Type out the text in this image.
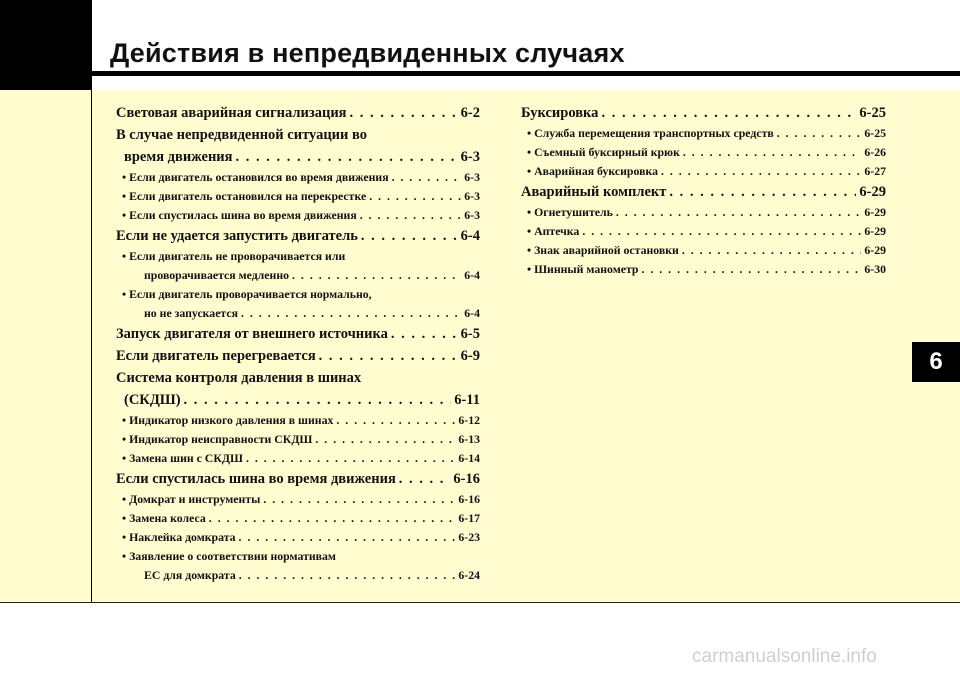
Действия в непредвиденных случаях
Световая аварийная сигнализация . . .	6-2
В случае непредвиденной ситуации во
время движения . . .	6-3
• Если двигатель остановился во время движения . . .	6-3
• Если двигатель остановился на перекрестке . . .	6-3
• Если спустилась шина во время движения . . .	6-3
Если не удается запустить двигатель . . .	6-4
• Если двигатель не проворачивается или
проворачивается медленно . . .	6-4
• Если двигатель проворачивается нормально,
но не запускается . . .	6-4
Запуск двигателя от внешнего источника . . .	6-5
Если двигатель перегревается . . .	6-9
Система контроля давления в шинах
(СКДШ) . . .	6-11
• Индикатор низкого давления в шинах . . .	6-12
• Индикатор неисправности СКДШ . . .	6-13
• Замена шин с СКДШ . . .	6-14
Если спустилась шина во время движения . . .	6-16
• Домкрат и инструменты . . .	6-16
• Замена колеса . . .	6-17
• Наклейка домкрата . . .	6-23
• Заявление о соответствии нормативам
ЕС для домкрата . . .	6-24
Буксировка . . .	6-25
• Служба перемещения транспортных средств . . .	6-25
• Съемный буксирный крюк . . .	6-26
• Аварийная буксировка . . .	6-27
Аварийный комплект . . .	6-29
• Огнетушитель . . .	6-29
• Аптечка . . .	6-29
• Знак аварийной остановки . . .	6-29
• Шинный манометр . . .	6-30
6
carmanualsonline.info
